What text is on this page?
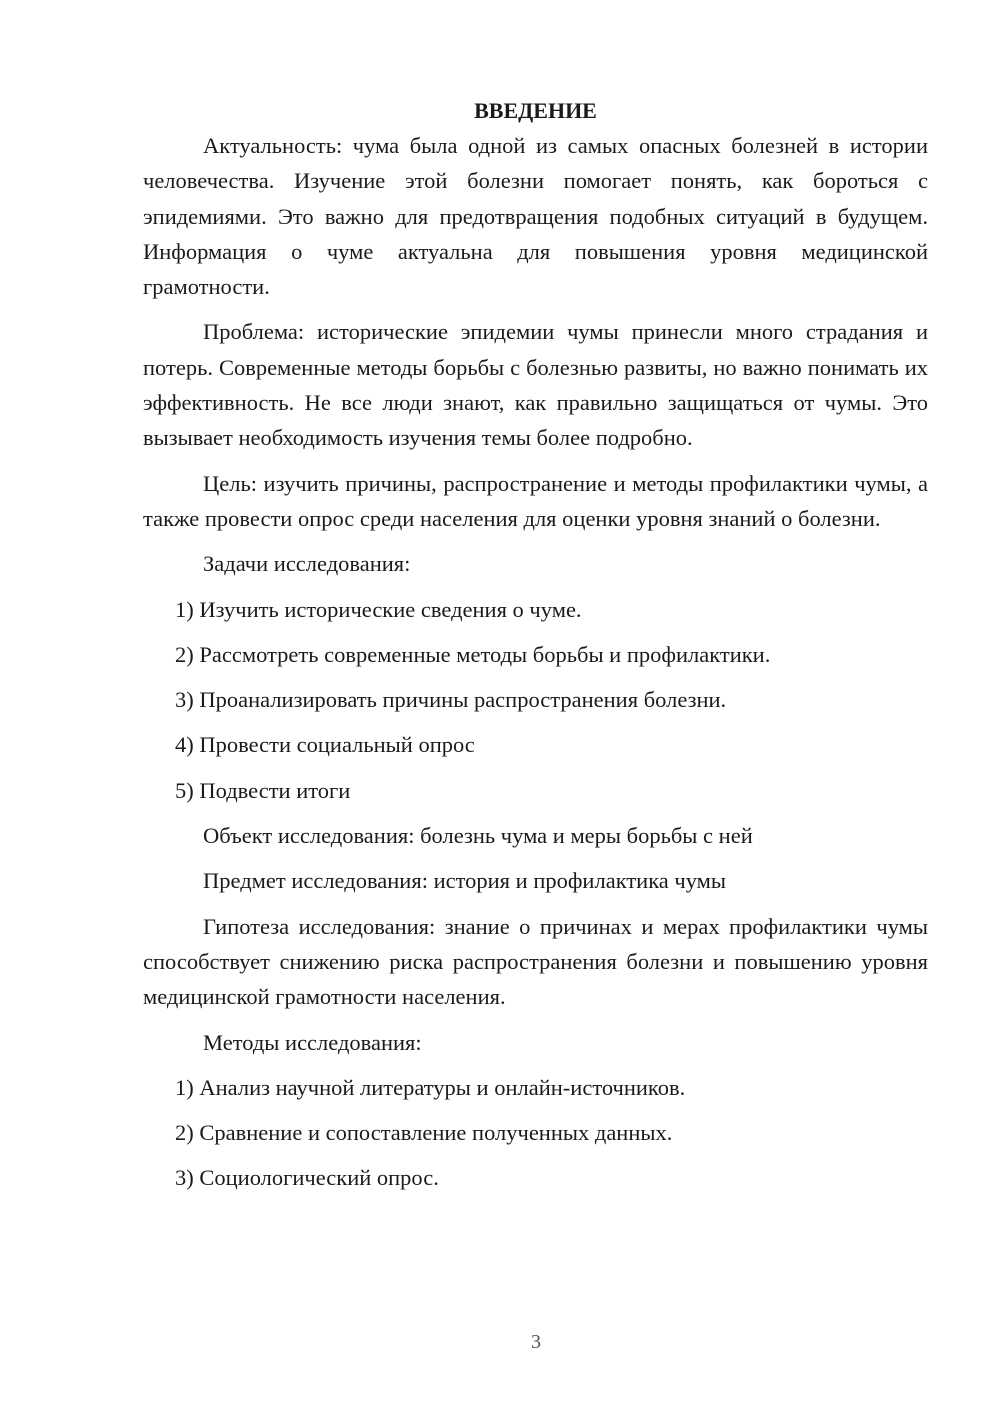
ВВЕДЕНИЕ

Актуальность: чума была одной из самых опасных болезней в истории человечества. Изучение этой болезни помогает понять, как бороться с эпидемиями. Это важно для предотвращения подобных ситуаций в будущем. Информация о чуме актуальна для повышения уровня медицинской грамотности.

Проблема: исторические эпидемии чумы принесли много страдания и потерь. Современные методы борьбы с болезнью развиты, но важно понимать их эффективность. Не все люди знают, как правильно защищаться от чумы. Это вызывает необходимость изучения темы более подробно.

Цель: изучить причины, распространение и методы профилактики чумы, а также провести опрос среди населения для оценки уровня знаний о болезни.

Задачи исследования:
1) Изучить исторические сведения о чуме.
2) Рассмотреть современные методы борьбы и профилактики.
3) Проанализировать причины распространения болезни.
4) Провести социальный опрос
5) Подвести итоги
Объект исследования: болезнь чума и меры борьбы с ней
Предмет исследования: история и профилактика чумы

Гипотеза исследования: знание о причинах и мерах профилактики чумы способствует снижению риска распространения болезни и повышению уровня медицинской грамотности населения.

Методы исследования:
1) Анализ научной литературы и онлайн-источников.
2) Сравнение и сопоставление полученных данных.
3) Социологический опрос.
3
